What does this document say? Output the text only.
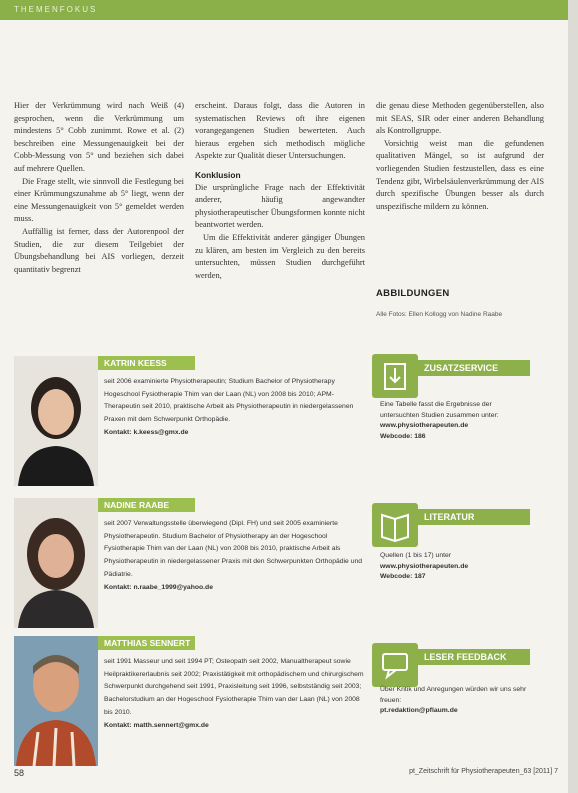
THEMENFOKUS

Hier der Verkrümmung wird nach Weiß (4) gesprochen, wenn die Verkrümmung um mindestens 5° Cobb zunimmt. Rowe et al. (2) beschreiben eine Messungenauigkeit bei der Cobb-Messung von 5° und beziehen sich dabei auf mehrere Quellen.

Die Frage stellt, wie sinnvoll die Festlegung bei einer Krümmungszunahme ab 5° liegt, wenn der eine Messungenauigkeit von 5° gemeldet werden muss.

Auffällig ist ferner, dass der Autorenpool der Studien, die zur diesem Teilgebiet der Übungsbehandlung bei AIS vorliegen, derzeit quantitativ begrenzt

erscheint. Daraus folgt, dass die Autoren in systematischen Reviews oft ihre eigenen vorangegangenen Studien bewerteten. Auch hieraus ergeben sich methodisch mögliche Aspekte zur Qualität dieser Untersuchungen.

Konklusion

Die ursprüngliche Frage nach der Effektivität anderer, häufig angewandter physiotherapeutischer Übungsformen konnte nicht beantwortet werden.

Um die Effektivität anderer gängiger Übungen zu klären, am besten im Vergleich zu den bereits untersuchten, müssen Studien durchgeführt werden,

die genau diese Methoden gegenüberstellen, also mit SEAS, SIR oder einer anderen Behandlung als Kontrollgruppe.

Vorsichtig weist man die gefundenen qualitativen Mängel, so ist aufgrund der vorliegenden Studien festzustellen, dass es eine Tendenz gibt, Wirbelsäulenverkrümmung der AIS durch spezifische Übungen besser als durch unspezifische mildern zu können.

ABBILDUNGEN
Alle Fotos: Ellen Kollogg von Nadine Raabe
KATRIN KEESS
seit 2006 examinierte Physiotherapeutin; Studium Bachelor of Physiotherapy Hogeschool Fysiotherapie Thim van der Laan (NL) von 2008 bis 2010; APM-Therapeutin seit 2010, praktische Arbeit als Physiotherapeutin in niedergelassenen Praxen mit dem Schwerpunkt Orthopädie.
Kontakt: k.keess@gmx.de
NADINE RAABE
seit 2007 Verwaltungsstelle überwiegend (Dipl. FH) und seit 2005 examinierte Physiotherapeutin. Studium Bachelor of Physiotherapy an der Hogeschool Fysiotherapie Thim van der Laan (NL) von 2008 bis 2010, praktische Arbeit als Physiotherapeutin in niedergelassener Praxis mit den Schwerpunkten Orthopädie und Pädiatrie.
Kontakt: n.raabe_1999@yahoo.de
MATTHIAS SENNERT
seit 1991 Masseur und seit 1994 PT; Osteopath seit 2002, Manualtherapeut sowie Heilpraktikererlaubnis seit 2002; Praxistätigkeit mit orthopädischem und chirurgischem Schwerpunkt durchgehend seit 1991, Praxisleitung seit 1996, selbstständig seit 2003; Bachelorstudium an der Hogeschool Fysiotherapie Thim van der Laan (NL) von 2008 bis 2010.
Kontakt: matth.sennert@gmx.de
ZUSATZSERVICE
Eine Tabelle fasst die Ergebnisse der untersuchten Studien zusammen unter:
www.physiotherapeuten.de
Webcode: 186
LITERATUR
Quellen (1 bis 17) unter
www.physiotherapeuten.de
Webcode: 187
LESER FEEDBACK
Über Kritik und Anregungen würden wir uns sehr freuen:
pt.redaktion@pflaum.de
58	pt_Zeitschrift für Physiotherapeuten_63 [2011] 7
